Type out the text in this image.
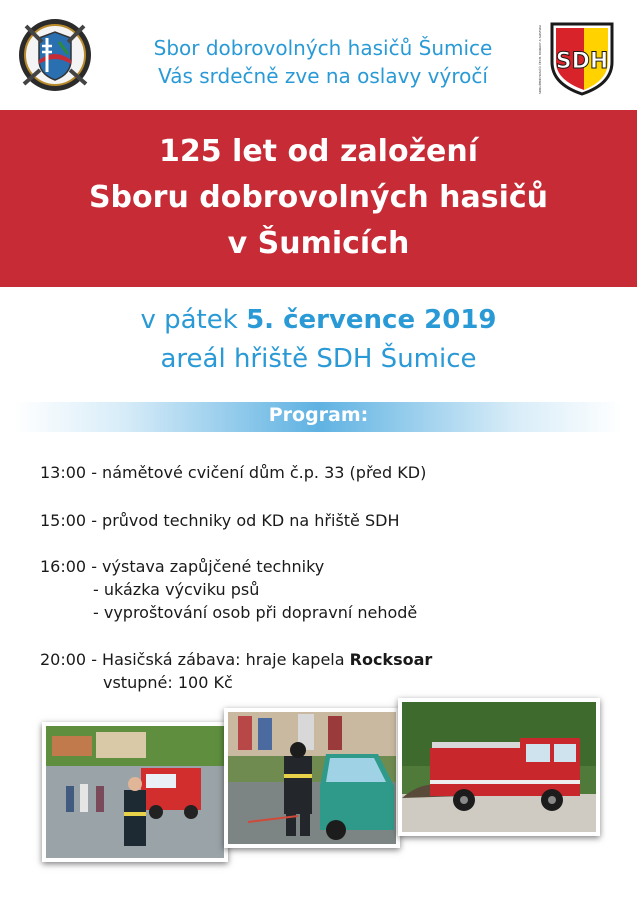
Sbor dobrovolných hasičů Šumice
Vás srdečně zve na oslavy výročí
SDH
SDRUŽENÍ HASIČŮ ČECH, MORAVY A SLEZSKA
125 let od založení
Sboru dobrovolných hasičů
v Šumicích
v pátek 5. července 2019
areál hřiště SDH Šumice
Program:
13:00 - námětové cvičení dům č.p. 33 (před KD)
15:00 - průvod techniky od KD na hřiště SDH
16:00 - výstava zapůjčené techniky
- ukázka výcviku psů
- vyproštování osob při dopravní nehodě
20:00 - Hasičská zábava: hraje kapela Rocksoar
vstupné: 100 Kč
